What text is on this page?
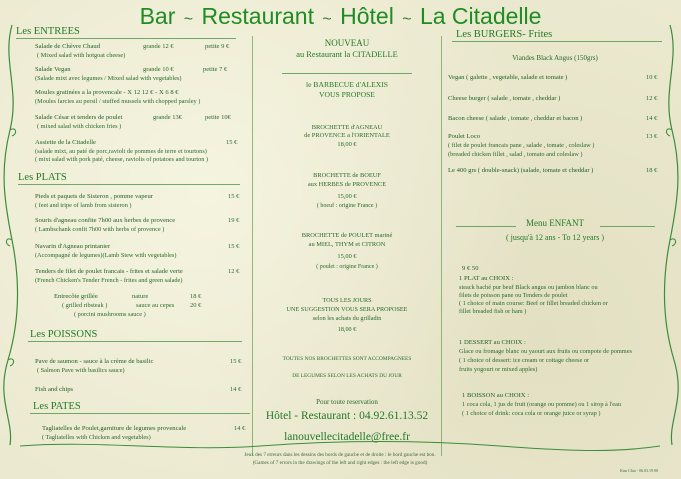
Bar ~ Restaurant ~ Hôtel ~ La Citadelle
Les ENTREES
Salade de Chèvre Chaud	grande 12 €	petite 9 €
( Mixed salad with hotgoat cheese)
Salade Vegan	grande 10 €	petite 7 €
(Salade mixt avec legumes / Mixed salad with vegetables)
Moules gratinées a la provencale - X 12 12 € - X 6 8 €
(Moules farcies au persil / stuffed mussels with chopped parsley )
Salade César et tenders de poulet	grande 13€	petite 10€
( mixed salad with chicken fries )
Assiette de la Citadelle	15 €
(salade mixt, au paté de porc,ravioli de pommes de terre et tourtons)
( mixt salad with pork paté, cheese, raviolis of potatoes and tourton )
Les PLATS
Pieds et paquets de Sisteron , pomme vapeur	15 €
( feet and tripe of lamb from sisteron )
Souris d'agneau confite 7h00 aux herbes de provence	19 €
( Lambschank confit 7h00 with herbs of provence )
Navarin d'Agneau printanier	15 €
(Accompagné de legumes)(Lamb Stew with vegetables)
Tenders de filet de poulet francais - frites et salade verte	12 €
(French Chicken's Tender French - frites and green salade)
Entrecôte grillée	nature	18 €
( grilled ribsteak )	sauce au cepes 20 €
( porcini mushrooms sauce )
Les POISSONS
Pave de saumon - sauce à la crème de basilic	15 €
( Salmon Pave with basilics sauce)
Fish and chips	14 €
Les PATES
Tagliatelles de Poulet,garniture de legumes provencale	14 €
( Tagliatelles with Chicken and vegetables)
NOUVEAU
au Restaurant la CITADELLE
le BARBECUE d'ALEXIS
VOUS PROPOSE
BROCHETTE d'AGNEAU
de PROVENCE a l'ORIENTALE
18,00 €
BROCHETTE de BOEUF
aux HERBES de PROVENCE
15,00 €
( boeuf : origine France )
BROCHETTE de POULET mariné
au MIEL, THYM et CITRON
15,00 €
( poulet : origine France )
TOUS LES JOURS
UNE SUGGESTION VOUS SERA PROPOSEE
selon les achats du grilladin
18,00 €
TOUTES NOS BROCHETTES SONT ACCOMPAGNEES
DE LEGUMES SELON LES ACHATS DU JOUR
Pour toute reservation
Hôtel - Restaurant : 04.92.61.13.52
lanouvellecitadelle@free.fr
Les BURGERS- Frites
Viandes Black Angus (150grs)
Vegan ( galette , vegetable, salade et tomate )	10 €
Cheese burger ( salade , tomate , cheddar )	12 €
Bacon cheese ( salade , tomate , cheddar et bacon )	14 €
Poulet Loco	13 €
( filet de poulet francais pane , salade , tomate , coleslaw )
(breaded chicken fillet , salad , tomato and coleslaw )
Le 400 grs ( double-snack) (salade, tomate et cheddar )	18 €
Menu ENFANT
( jusqu'à 12 ans - To 12 years )
9 € 50
1 PLAT au CHOIX :
steack haché pur beuf Black angus ou jambon blanc ou
filets de poisson pane ou Tenders de poulet
( 1 choice of main course: Beef or fillet breaded chicken or
fillet breaded fish or ham )
1 DESSERT au CHOIX :
Glace ou fromage blanc ou yaourt aux fruits ou compote de pommes
( 1 choice of dessert: ice cream or cottage cheese or
fruits yogourt or mixed apples)
1 BOISSON au CHOIX :
1 coca cola, 1 jus de fruit (orange ou pomme) ou 1 sirop à l'eau
( 1 choice of drink: coca cola or orange juice or syrap )
Jeux des 7 erreurs dans les dessins des bords de gauche et de droite : le bord gauche est bon.
(Games of 7 errors in the drawings of the left and right edges : the left edge is good)
Kim Chia - 06.03.19.90
